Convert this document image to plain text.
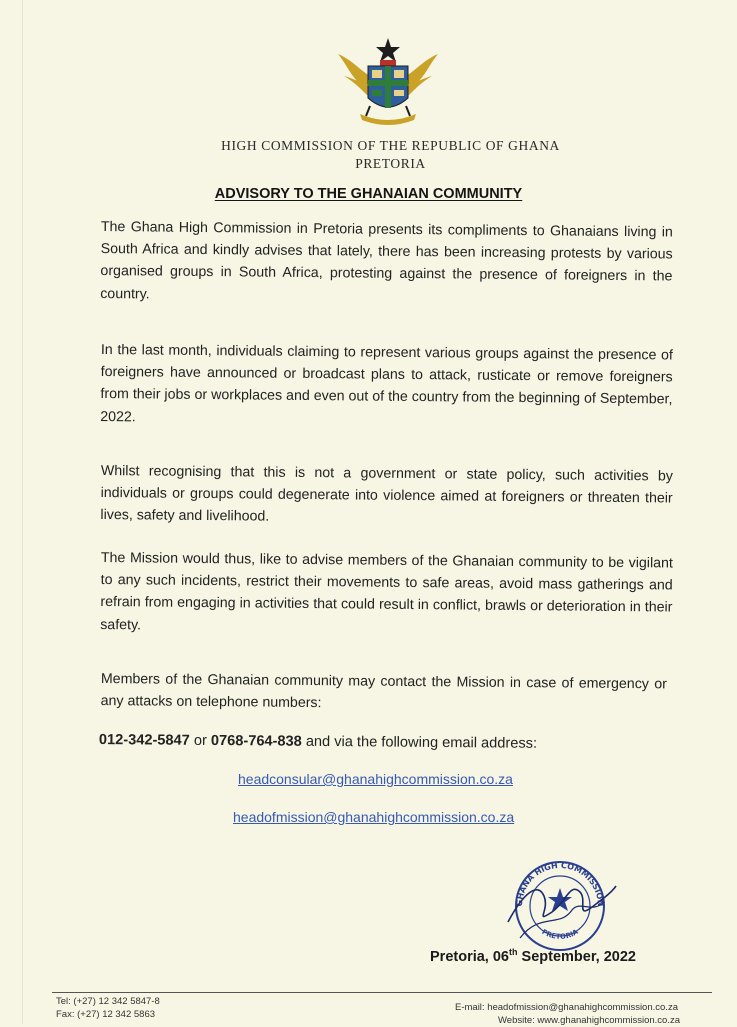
HIGH COMMISSION OF THE REPUBLIC OF GHANA
PRETORIA
ADVISORY TO THE GHANAIAN COMMUNITY
The Ghana High Commission in Pretoria presents its compliments to Ghanaians living in South Africa and kindly advises that lately, there has been increasing protests by various organised groups in South Africa, protesting against the presence of foreigners in the country.
In the last month, individuals claiming to represent various groups against the presence of foreigners have announced or broadcast plans to attack, rusticate or remove foreigners from their jobs or workplaces and even out of the country from the beginning of September, 2022.
Whilst recognising that this is not a government or state policy, such activities by individuals or groups could degenerate into violence aimed at foreigners or threaten their lives, safety and livelihood.
The Mission would thus, like to advise members of the Ghanaian community to be vigilant to any such incidents, restrict their movements to safe areas, avoid mass gatherings and refrain from engaging in activities that could result in conflict, brawls or deterioration in their safety.
Members of the Ghanaian community may contact the Mission in case of emergency or any attacks on telephone numbers:
012-342-5847 or 0768-764-838 and via the following email address:
headconsular@ghanahighcommission.co.za
headofmission@ghanahighcommission.co.za
GHANA HIGH COMMISSION
PRETORIA
Pretoria, 06th September, 2022
Tel: (+27) 12 342 5847-8
Fax: (+27) 12 342 5863
E-mail: headofmission@ghanahighcommission.co.za
Website: www.ghanahighcommission.co.za
